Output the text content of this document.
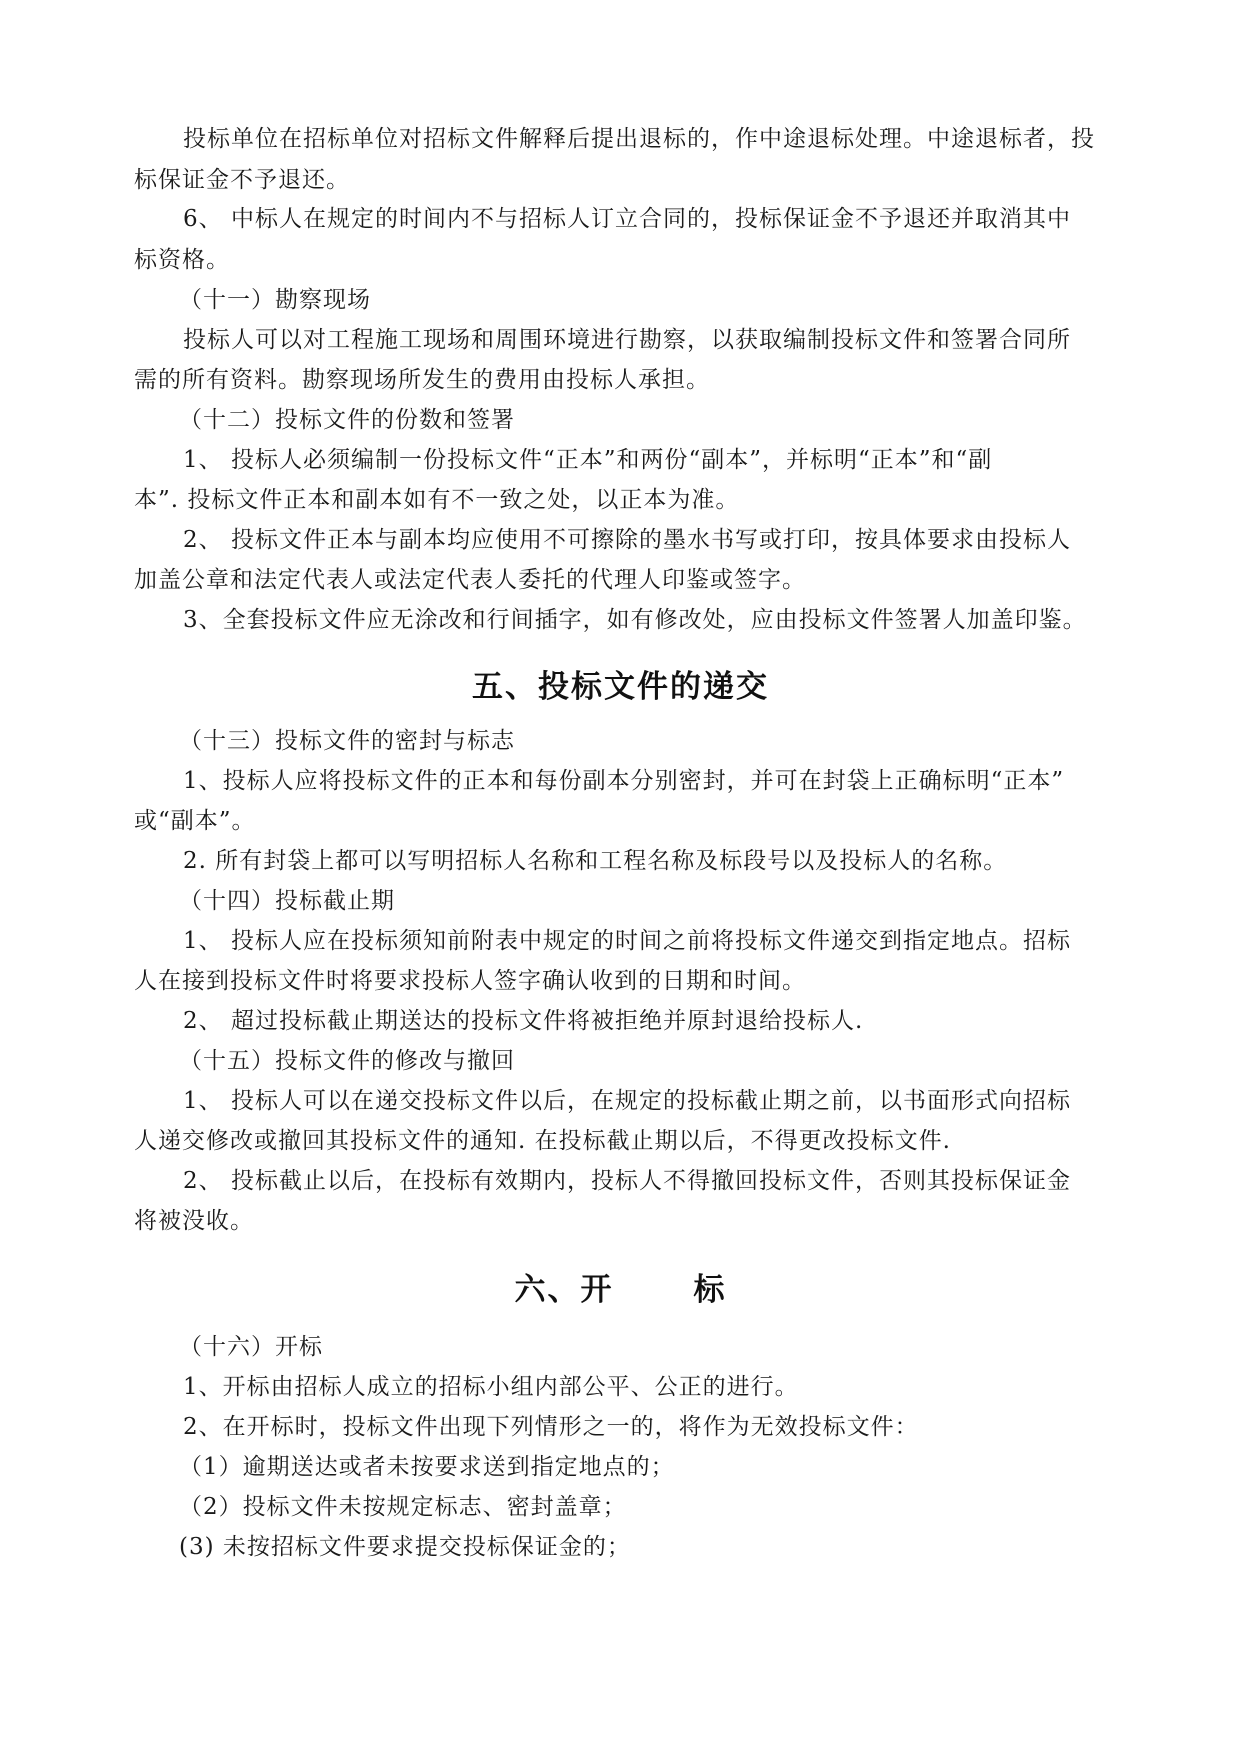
投标单位在招标单位对招标文件解释后提出退标的，作中途退标处理。中途退标者，投
标保证金不予退还。
6、 中标人在规定的时间内不与招标人订立合同的，投标保证金不予退还并取消其中
标资格。
（十一）勘察现场
投标人可以对工程施工现场和周围环境进行勘察，以获取编制投标文件和签署合同所
需的所有资料。勘察现场所发生的费用由投标人承担。
（十二）投标文件的份数和签署
1、 投标人必须编制一份投标文件“正本”和两份“副本”，并标明“正本”和“副
本”. 投标文件正本和副本如有不一致之处，以正本为准。
2、 投标文件正本与副本均应使用不可擦除的墨水书写或打印，按具体要求由投标人
加盖公章和法定代表人或法定代表人委托的代理人印鉴或签字。
3、全套投标文件应无涂改和行间插字，如有修改处，应由投标文件签署人加盖印鉴。
五、投标文件的递交
（十三）投标文件的密封与标志
1、投标人应将投标文件的正本和每份副本分别密封，并可在封袋上正确标明“正本”
或“副本”。
2. 所有封袋上都可以写明招标人名称和工程名称及标段号以及投标人的名称。
（十四）投标截止期
1、 投标人应在投标须知前附表中规定的时间之前将投标文件递交到指定地点。招标
人在接到投标文件时将要求投标人签字确认收到的日期和时间。
2、 超过投标截止期送达的投标文件将被拒绝并原封退给投标人.
（十五）投标文件的修改与撤回
1、 投标人可以在递交投标文件以后，在规定的投标截止期之前，以书面形式向招标
人递交修改或撤回其投标文件的通知. 在投标截止期以后，不得更改投标文件.
2、 投标截止以后，在投标有效期内，投标人不得撤回投标文件，否则其投标保证金
将被没收。
六、开	标
（十六）开标
1、开标由招标人成立的招标小组内部公平、公正的进行。
2、在开标时，投标文件出现下列情形之一的，将作为无效投标文件：
（1）逾期送达或者未按要求送到指定地点的；
（2）投标文件未按规定标志、密封盖章；
(3) 未按招标文件要求提交投标保证金的；
